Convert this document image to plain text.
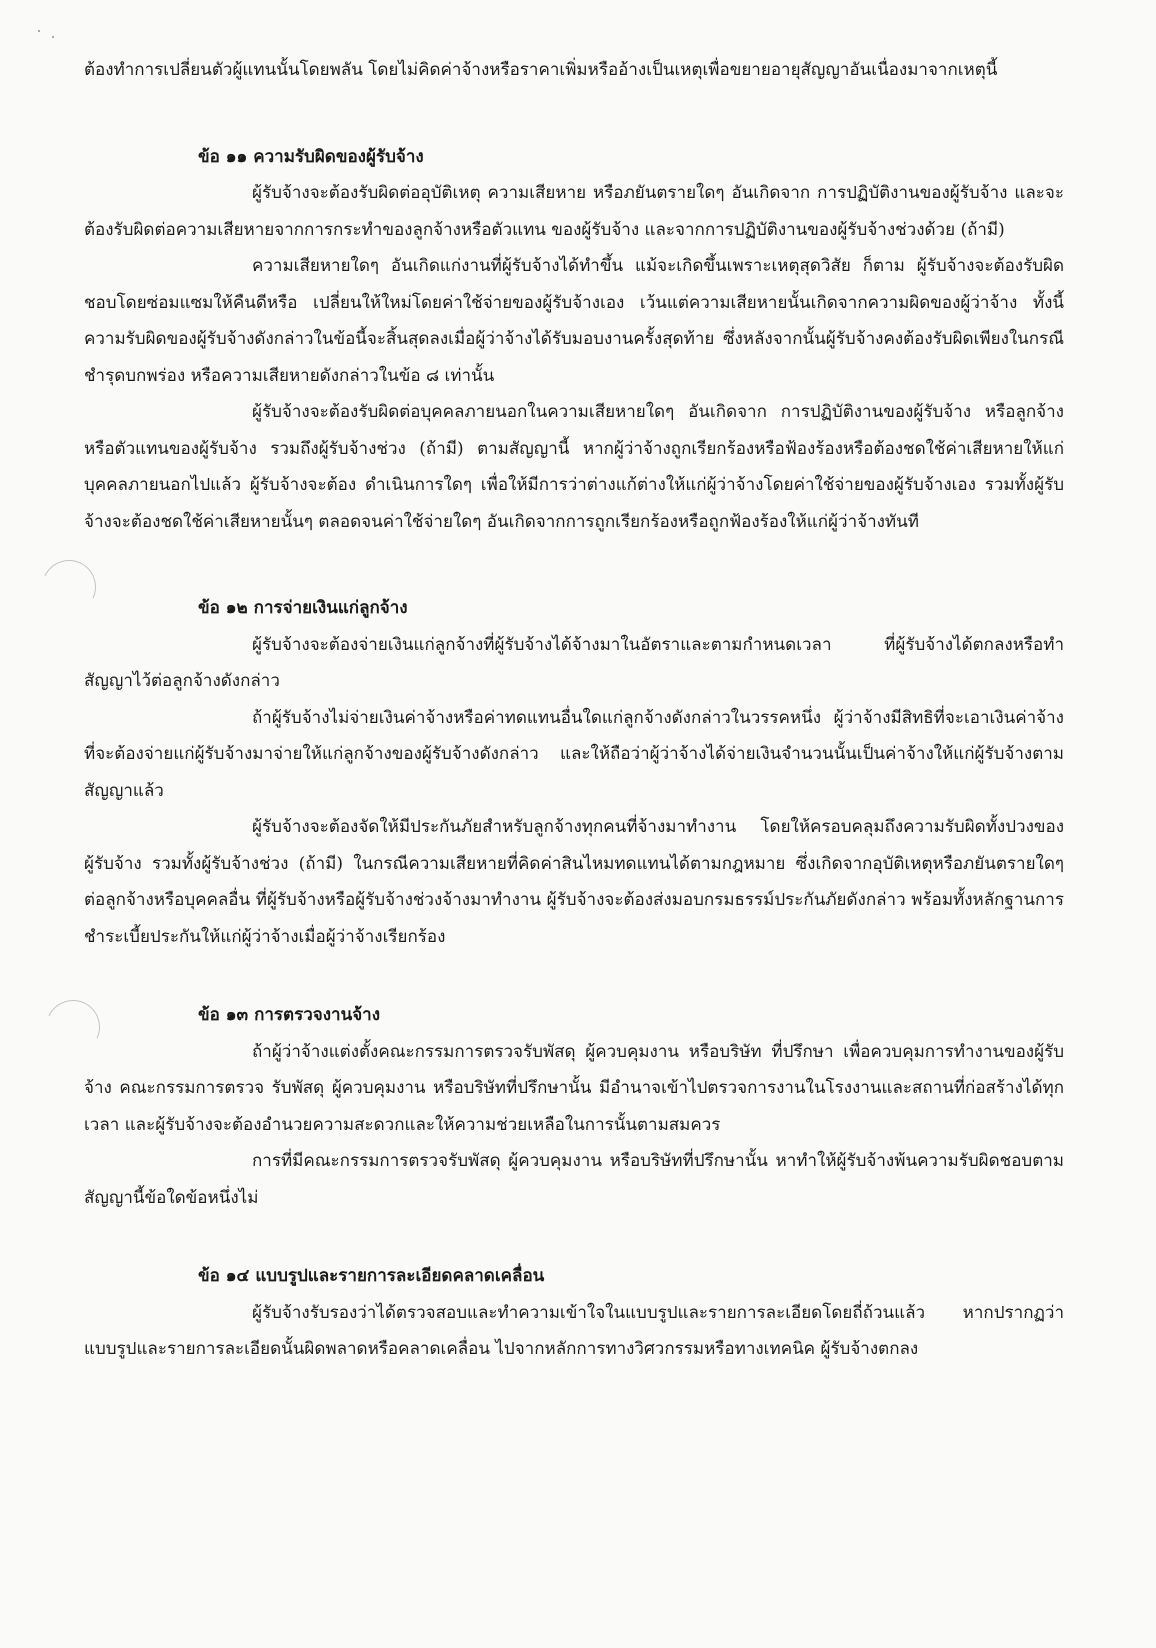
ต้องทำการเปลี่ยนตัวผู้แทนนั้นโดยพลัน โดยไม่คิดค่าจ้างหรือราคาเพิ่มหรืออ้างเป็นเหตุเพื่อขยายอายุสัญญาอันเนื่องมาจากเหตุนี้

ข้อ ๑๑ ความรับผิดของผู้รับจ้าง

ผู้รับจ้างจะต้องรับผิดต่ออุบัติเหตุ ความเสียหาย หรือภยันตรายใดๆ อันเกิดจาก การปฏิบัติงานของผู้รับจ้าง และจะต้องรับผิดต่อความเสียหายจากการกระทำของลูกจ้างหรือตัวแทน ของผู้รับจ้าง และจากการปฏิบัติงานของผู้รับจ้างช่วงด้วย (ถ้ามี)

ความเสียหายใดๆ อันเกิดแก่งานที่ผู้รับจ้างได้ทำขึ้น แม้จะเกิดขึ้นเพราะเหตุสุดวิสัย ก็ตาม ผู้รับจ้างจะต้องรับผิดชอบโดยซ่อมแซมให้คืนดีหรือ เปลี่ยนให้ใหม่โดยค่าใช้จ่ายของผู้รับจ้างเอง เว้นแต่ความเสียหายนั้นเกิดจากความผิดของผู้ว่าจ้าง ทั้งนี้ ความรับผิดของผู้รับจ้างดังกล่าวในข้อนี้จะสิ้นสุดลงเมื่อผู้ว่าจ้างได้รับมอบงานครั้งสุดท้าย ซึ่งหลังจากนั้นผู้รับจ้างคงต้องรับผิดเพียงในกรณีชำรุดบกพร่อง หรือความเสียหายดังกล่าวในข้อ ๘ เท่านั้น

ผู้รับจ้างจะต้องรับผิดต่อบุคคลภายนอกในความเสียหายใดๆ อันเกิดจาก การปฏิบัติงานของผู้รับจ้าง หรือลูกจ้างหรือตัวแทนของผู้รับจ้าง รวมถึงผู้รับจ้างช่วง (ถ้ามี) ตามสัญญานี้ หากผู้ว่าจ้างถูกเรียกร้องหรือฟ้องร้องหรือต้องชดใช้ค่าเสียหายให้แก่บุคคลภายนอกไปแล้ว ผู้รับจ้างจะต้อง ดำเนินการใดๆ เพื่อให้มีการว่าต่างแก้ต่างให้แก่ผู้ว่าจ้างโดยค่าใช้จ่ายของผู้รับจ้างเอง รวมทั้งผู้รับจ้างจะต้องชดใช้ค่าเสียหายนั้นๆ ตลอดจนค่าใช้จ่ายใดๆ อันเกิดจากการถูกเรียกร้องหรือถูกฟ้องร้องให้แก่ผู้ว่าจ้างทันที

ข้อ ๑๒ การจ่ายเงินแก่ลูกจ้าง

ผู้รับจ้างจะต้องจ่ายเงินแก่ลูกจ้างที่ผู้รับจ้างได้จ้างมาในอัตราและตามกำหนดเวลา ที่ผู้รับจ้างได้ตกลงหรือทำสัญญาไว้ต่อลูกจ้างดังกล่าว

ถ้าผู้รับจ้างไม่จ่ายเงินค่าจ้างหรือค่าทดแทนอื่นใดแก่ลูกจ้างดังกล่าวในวรรคหนึ่ง ผู้ว่าจ้างมีสิทธิที่จะเอาเงินค่าจ้างที่จะต้องจ่ายแก่ผู้รับจ้างมาจ่ายให้แก่ลูกจ้างของผู้รับจ้างดังกล่าว และให้ถือว่าผู้ว่าจ้างได้จ่ายเงินจำนวนนั้นเป็นค่าจ้างให้แก่ผู้รับจ้างตามสัญญาแล้ว

ผู้รับจ้างจะต้องจัดให้มีประกันภัยสำหรับลูกจ้างทุกคนที่จ้างมาทำงาน โดยให้ครอบคลุมถึงความรับผิดทั้งปวงของผู้รับจ้าง รวมทั้งผู้รับจ้างช่วง (ถ้ามี) ในกรณีความเสียหายที่คิดค่าสินไหมทดแทนได้ตามกฎหมาย ซึ่งเกิดจากอุบัติเหตุหรือภยันตรายใดๆ ต่อลูกจ้างหรือบุคคลอื่น ที่ผู้รับจ้างหรือผู้รับจ้างช่วงจ้างมาทำงาน ผู้รับจ้างจะต้องส่งมอบกรมธรรม์ประกันภัยดังกล่าว พร้อมทั้งหลักฐานการชำระเบี้ยประกันให้แก่ผู้ว่าจ้างเมื่อผู้ว่าจ้างเรียกร้อง

ข้อ ๑๓ การตรวจงานจ้าง

ถ้าผู้ว่าจ้างแต่งตั้งคณะกรรมการตรวจรับพัสดุ ผู้ควบคุมงาน หรือบริษัท ที่ปรึกษา เพื่อควบคุมการทำงานของผู้รับจ้าง คณะกรรมการตรวจ รับพัสดุ ผู้ควบคุมงาน หรือบริษัทที่ปรึกษานั้น มีอำนาจเข้าไปตรวจการงานในโรงงานและสถานที่ก่อสร้างได้ทุกเวลา และผู้รับจ้างจะต้องอำนวยความสะดวกและให้ความช่วยเหลือในการนั้นตามสมควร

การที่มีคณะกรรมการตรวจรับพัสดุ ผู้ควบคุมงาน หรือบริษัทที่ปรึกษานั้น หาทำให้ผู้รับจ้างพ้นความรับผิดชอบตามสัญญานี้ข้อใดข้อหนึ่งไม่

ข้อ ๑๔ แบบรูปและรายการละเอียดคลาดเคลื่อน

ผู้รับจ้างรับรองว่าได้ตรวจสอบและทำความเข้าใจในแบบรูปและรายการละเอียดโดยถี่ถ้วนแล้ว หากปรากฏว่าแบบรูปและรายการละเอียดนั้นผิดพลาดหรือคลาดเคลื่อน ไปจากหลักการทางวิศวกรรมหรือทางเทคนิค ผู้รับจ้างตกลง
